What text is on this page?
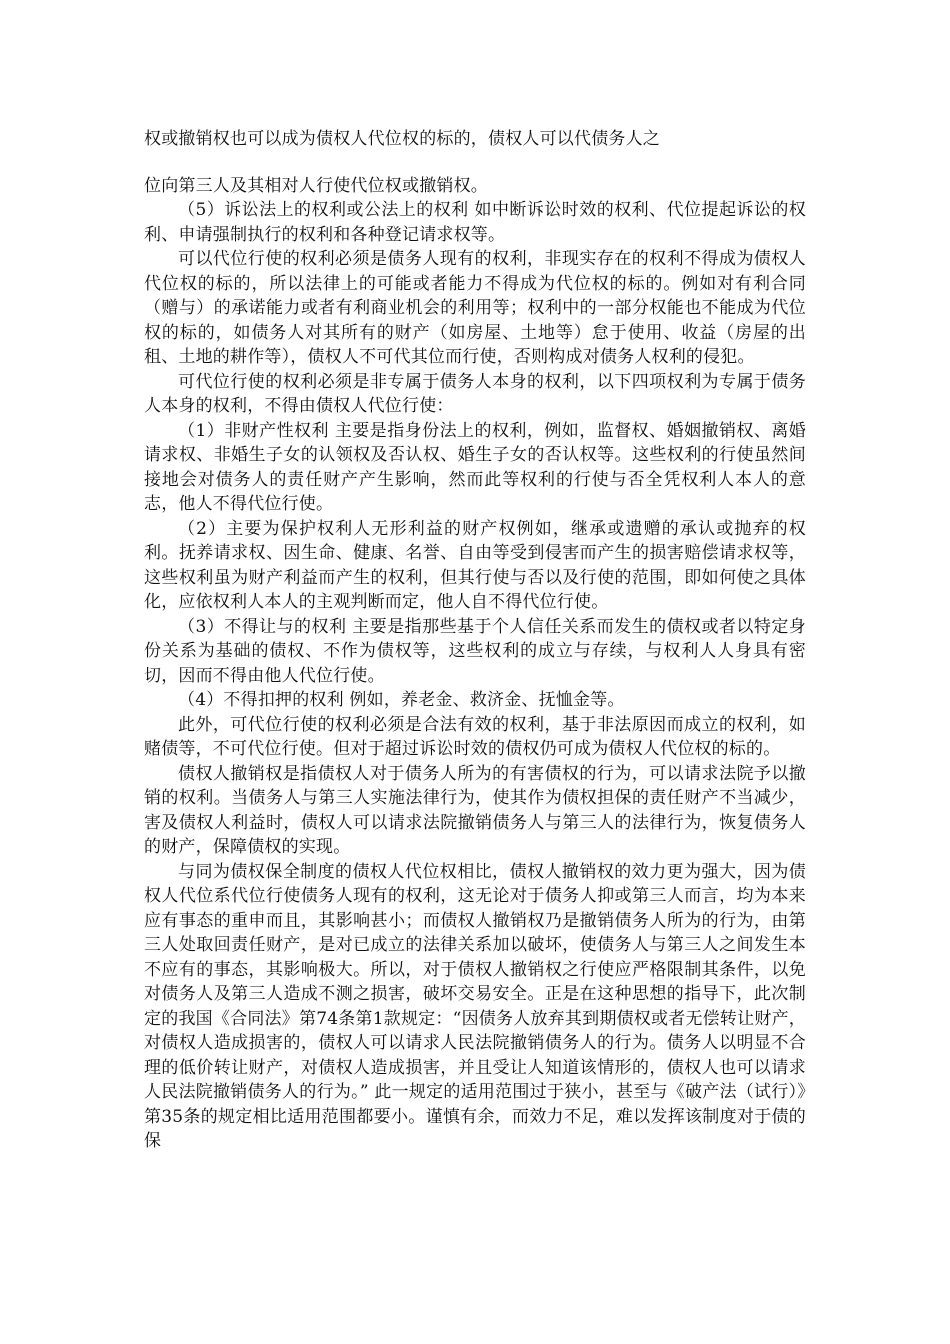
权或撤销权也可以成为债权人代位权的标的，债权人可以代债务人之
位向第三人及其相对人行使代位权或撤销权。

（5）诉讼法上的权利或公法上的权利 如中断诉讼时效的权利、代位提起诉讼的权利、申请强制执行的权利和各种登记请求权等。

可以代位行使的权利必须是债务人现有的权利，非现实存在的权利不得成为债权人代位权的标的，所以法律上的可能或者能力不得成为代位权的标的。例如对有利合同（赠与）的承诺能力或者有利商业机会的利用等；权利中的一部分权能也不能成为代位权的标的，如债务人对其所有的财产（如房屋、土地等）怠于使用、收益（房屋的出租、土地的耕作等），债权人不可代其位而行使，否则构成对债务人权利的侵犯。

可代位行使的权利必须是非专属于债务人本身的权利，以下四项权利为专属于债务人本身的权利，不得由债权人代位行使：

（1）非财产性权利 主要是指身份法上的权利，例如，监督权、婚姻撤销权、离婚请求权、非婚生子女的认领权及否认权、婚生子女的否认权等。这些权利的行使虽然间接地会对债务人的责任财产产生影响，然而此等权利的行使与否全凭权利人本人的意志，他人不得代位行使。

（2）主要为保护权利人无形利益的财产权例如，继承或遗赠的承认或抛弃的权利。抚养请求权、因生命、健康、名誉、自由等受到侵害而产生的损害赔偿请求权等，这些权利虽为财产利益而产生的权利，但其行使与否以及行使的范围，即如何使之具体化，应依权利人本人的主观判断而定，他人自不得代位行使。

（3）不得让与的权利 主要是指那些基于个人信任关系而发生的债权或者以特定身份关系为基础的债权、不作为债权等，这些权利的成立与存续，与权利人人身具有密切，因而不得由他人代位行使。

（4）不得扣押的权利 例如，养老金、救济金、抚恤金等。

此外，可代位行使的权利必须是合法有效的权利，基于非法原因而成立的权利，如赌债等，不可代位行使。但对于超过诉讼时效的债权仍可成为债权人代位权的标的。

债权人撤销权是指债权人对于债务人所为的有害债权的行为，可以请求法院予以撤销的权利。当债务人与第三人实施法律行为，使其作为债权担保的责任财产不当减少，害及债权人利益时，债权人可以请求法院撤销债务人与第三人的法律行为，恢复债务人的财产，保障债权的实现。

与同为债权保全制度的债权人代位权相比，债权人撤销权的效力更为强大，因为债权人代位系代位行使债务人现有的权利，这无论对于债务人抑或第三人而言，均为本来应有事态的重申而且，其影响甚小；而债权人撤销权乃是撤销债务人所为的行为，由第三人处取回责任财产，是对已成立的法律关系加以破坏，使债务人与第三人之间发生本不应有的事态，其影响极大。所以，对于债权人撤销权之行使应严格限制其条件，以免对债务人及第三人造成不测之损害，破坏交易安全。正是在这种思想的指导下，此次制定的我国《合同法》第74条第1款规定：“因债务人放弃其到期债权或者无偿转让财产，对债权人造成损害的，债权人可以请求人民法院撤销债务人的行为。债务人以明显不合理的低价转让财产，对债权人造成损害，并且受让人知道该情形的，债权人也可以请求人民法院撤销债务人的行为。” 此一规定的适用范围过于狭小，甚至与《破产法（试行）》第35条的规定相比适用范围都要小。谨慎有余，而效力不足，难以发挥该制度对于债的保
